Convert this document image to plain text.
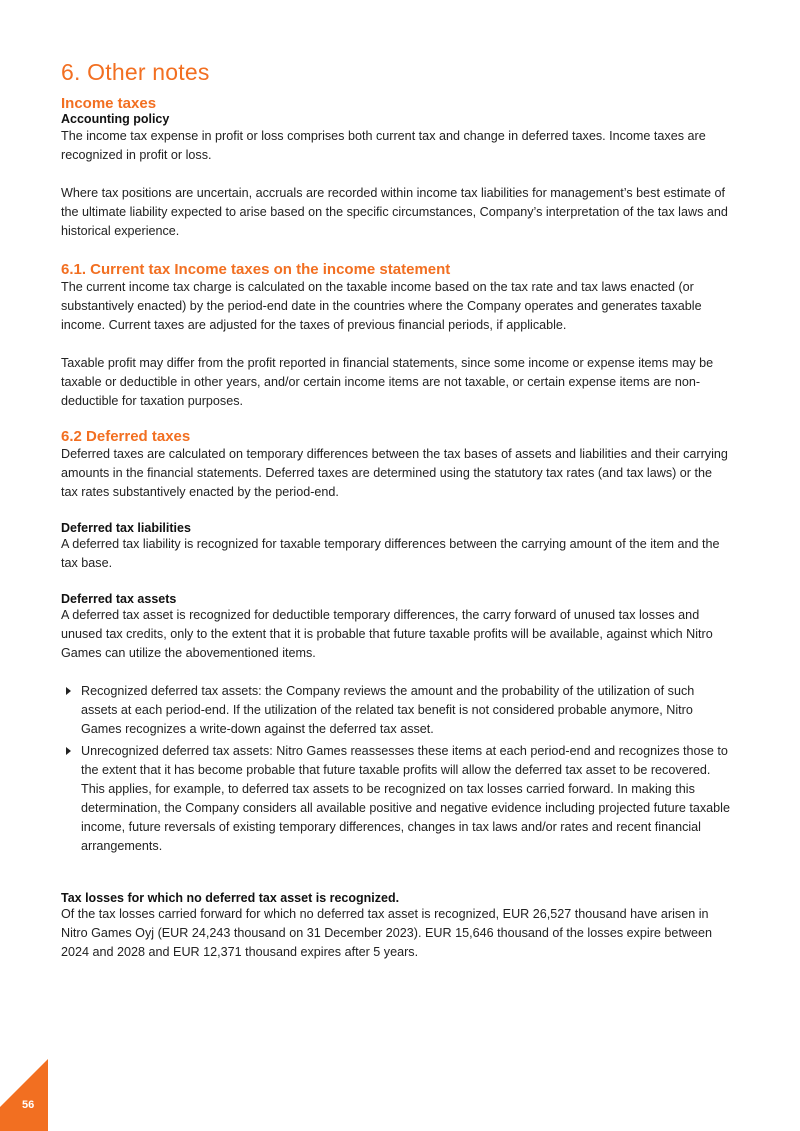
6. Other notes
Income taxes
Accounting policy

The income tax expense in profit or loss comprises both current tax and change in deferred taxes. Income taxes are recognized in profit or loss.

Where tax positions are uncertain, accruals are recorded within income tax liabilities for management’s best estimate of the ultimate liability expected to arise based on the specific circumstances, Company’s interpretation of the tax laws and historical experience.

6.1. Current tax Income taxes on the income statement

The current income tax charge is calculated on the taxable income based on the tax rate and tax laws enacted (or substantively enacted) by the period-end date in the countries where the Company operates and generates taxable income. Current taxes are adjusted for the taxes of previous financial periods, if applicable.

Taxable profit may differ from the profit reported in financial statements, since some income or expense items may be taxable or deductible in other years, and/or certain income items are not taxable, or certain expense items are non-deductible for taxation purposes.

6.2 Deferred taxes

Deferred taxes are calculated on temporary differences between the tax bases of assets and liabilities and their carrying amounts in the financial statements. Deferred taxes are determined using the statutory tax rates (and tax laws) or the tax rates substantively enacted by the period-end.

Deferred tax liabilities

A deferred tax liability is recognized for taxable temporary differences between the carrying amount of the item and the tax base.

Deferred tax assets

A deferred tax asset is recognized for deductible temporary differences, the carry forward of unused tax losses and unused tax credits, only to the extent that it is probable that future taxable profits will be available, against which Nitro Games can utilize the abovementioned items.

Recognized deferred tax assets: the Company reviews the amount and the probability of the utilization of such assets at each period-end. If the utilization of the related tax benefit is not considered probable anymore, Nitro Games recognizes a write-down against the deferred tax asset.
Unrecognized deferred tax assets: Nitro Games reassesses these items at each period-end and recognizes those to the extent that it has become probable that future taxable profits will allow the deferred tax asset to be recovered. This applies, for example, to deferred tax assets to be recognized on tax losses carried forward. In making this determination, the Company considers all available positive and negative evidence including projected future taxable income, future reversals of existing temporary differences, changes in tax laws and/or rates and recent financial arrangements.
Tax losses for which no deferred tax asset is recognized.

Of the tax losses carried forward for which no deferred tax asset is recognized, EUR 26,527 thousand have arisen in Nitro Games Oyj (EUR 24,243 thousand on 31 December 2023). EUR 15,646 thousand of the losses expire between 2024 and 2028 and EUR 12,371 thousand expires after 5 years.

56
